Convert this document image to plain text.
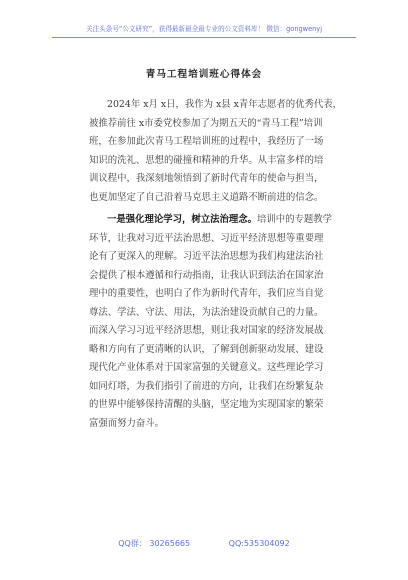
关注头条号“公文研究”，获得最新最全最专业的公文资料库！ 微信：gongwenyj
青马工程培训班心得体会

2024年 x月 x日，我作为 x县 x青年志愿者的优秀代表，

被推荐前往 x市委党校参加了为期五天的“青马工程”培训

班，在参加此次青马工程培训班的过程中，我经历了一场

知识的洗礼、思想的碰撞和精神的升华。从丰富多样的培

训议程中，我深刻地领悟到了新时代青年的使命与担当，

也更加坚定了自己沿着马克思主义道路不断前进的信念。

一是强化理论学习，树立法治理念。培训中的专题教学

环节，让我对习近平法治思想、习近平经济思想等重要理

论有了更深入的理解。习近平法治思想为我们构建法治社

会提供了根本遵循和行动指南，让我认识到法治在国家治

理中的重要性，也明白了作为新时代青年，我们应当自觉

尊法、学法、守法、用法，为法治建设贡献自己的力量。

而深入学习习近平经济思想，则让我对国家的经济发展战

略和方向有了更清晰的认识，了解到创新驱动发展、建设

现代化产业体系对于国家富强的关键意义。这些理论学习

如同灯塔，为我们指引了前进的方向，让我们在纷繁复杂

的世界中能够保持清醒的头脑，坚定地为实现国家的繁荣

富强而努力奋斗。

QQ群： 30265665	QQ:535304092
